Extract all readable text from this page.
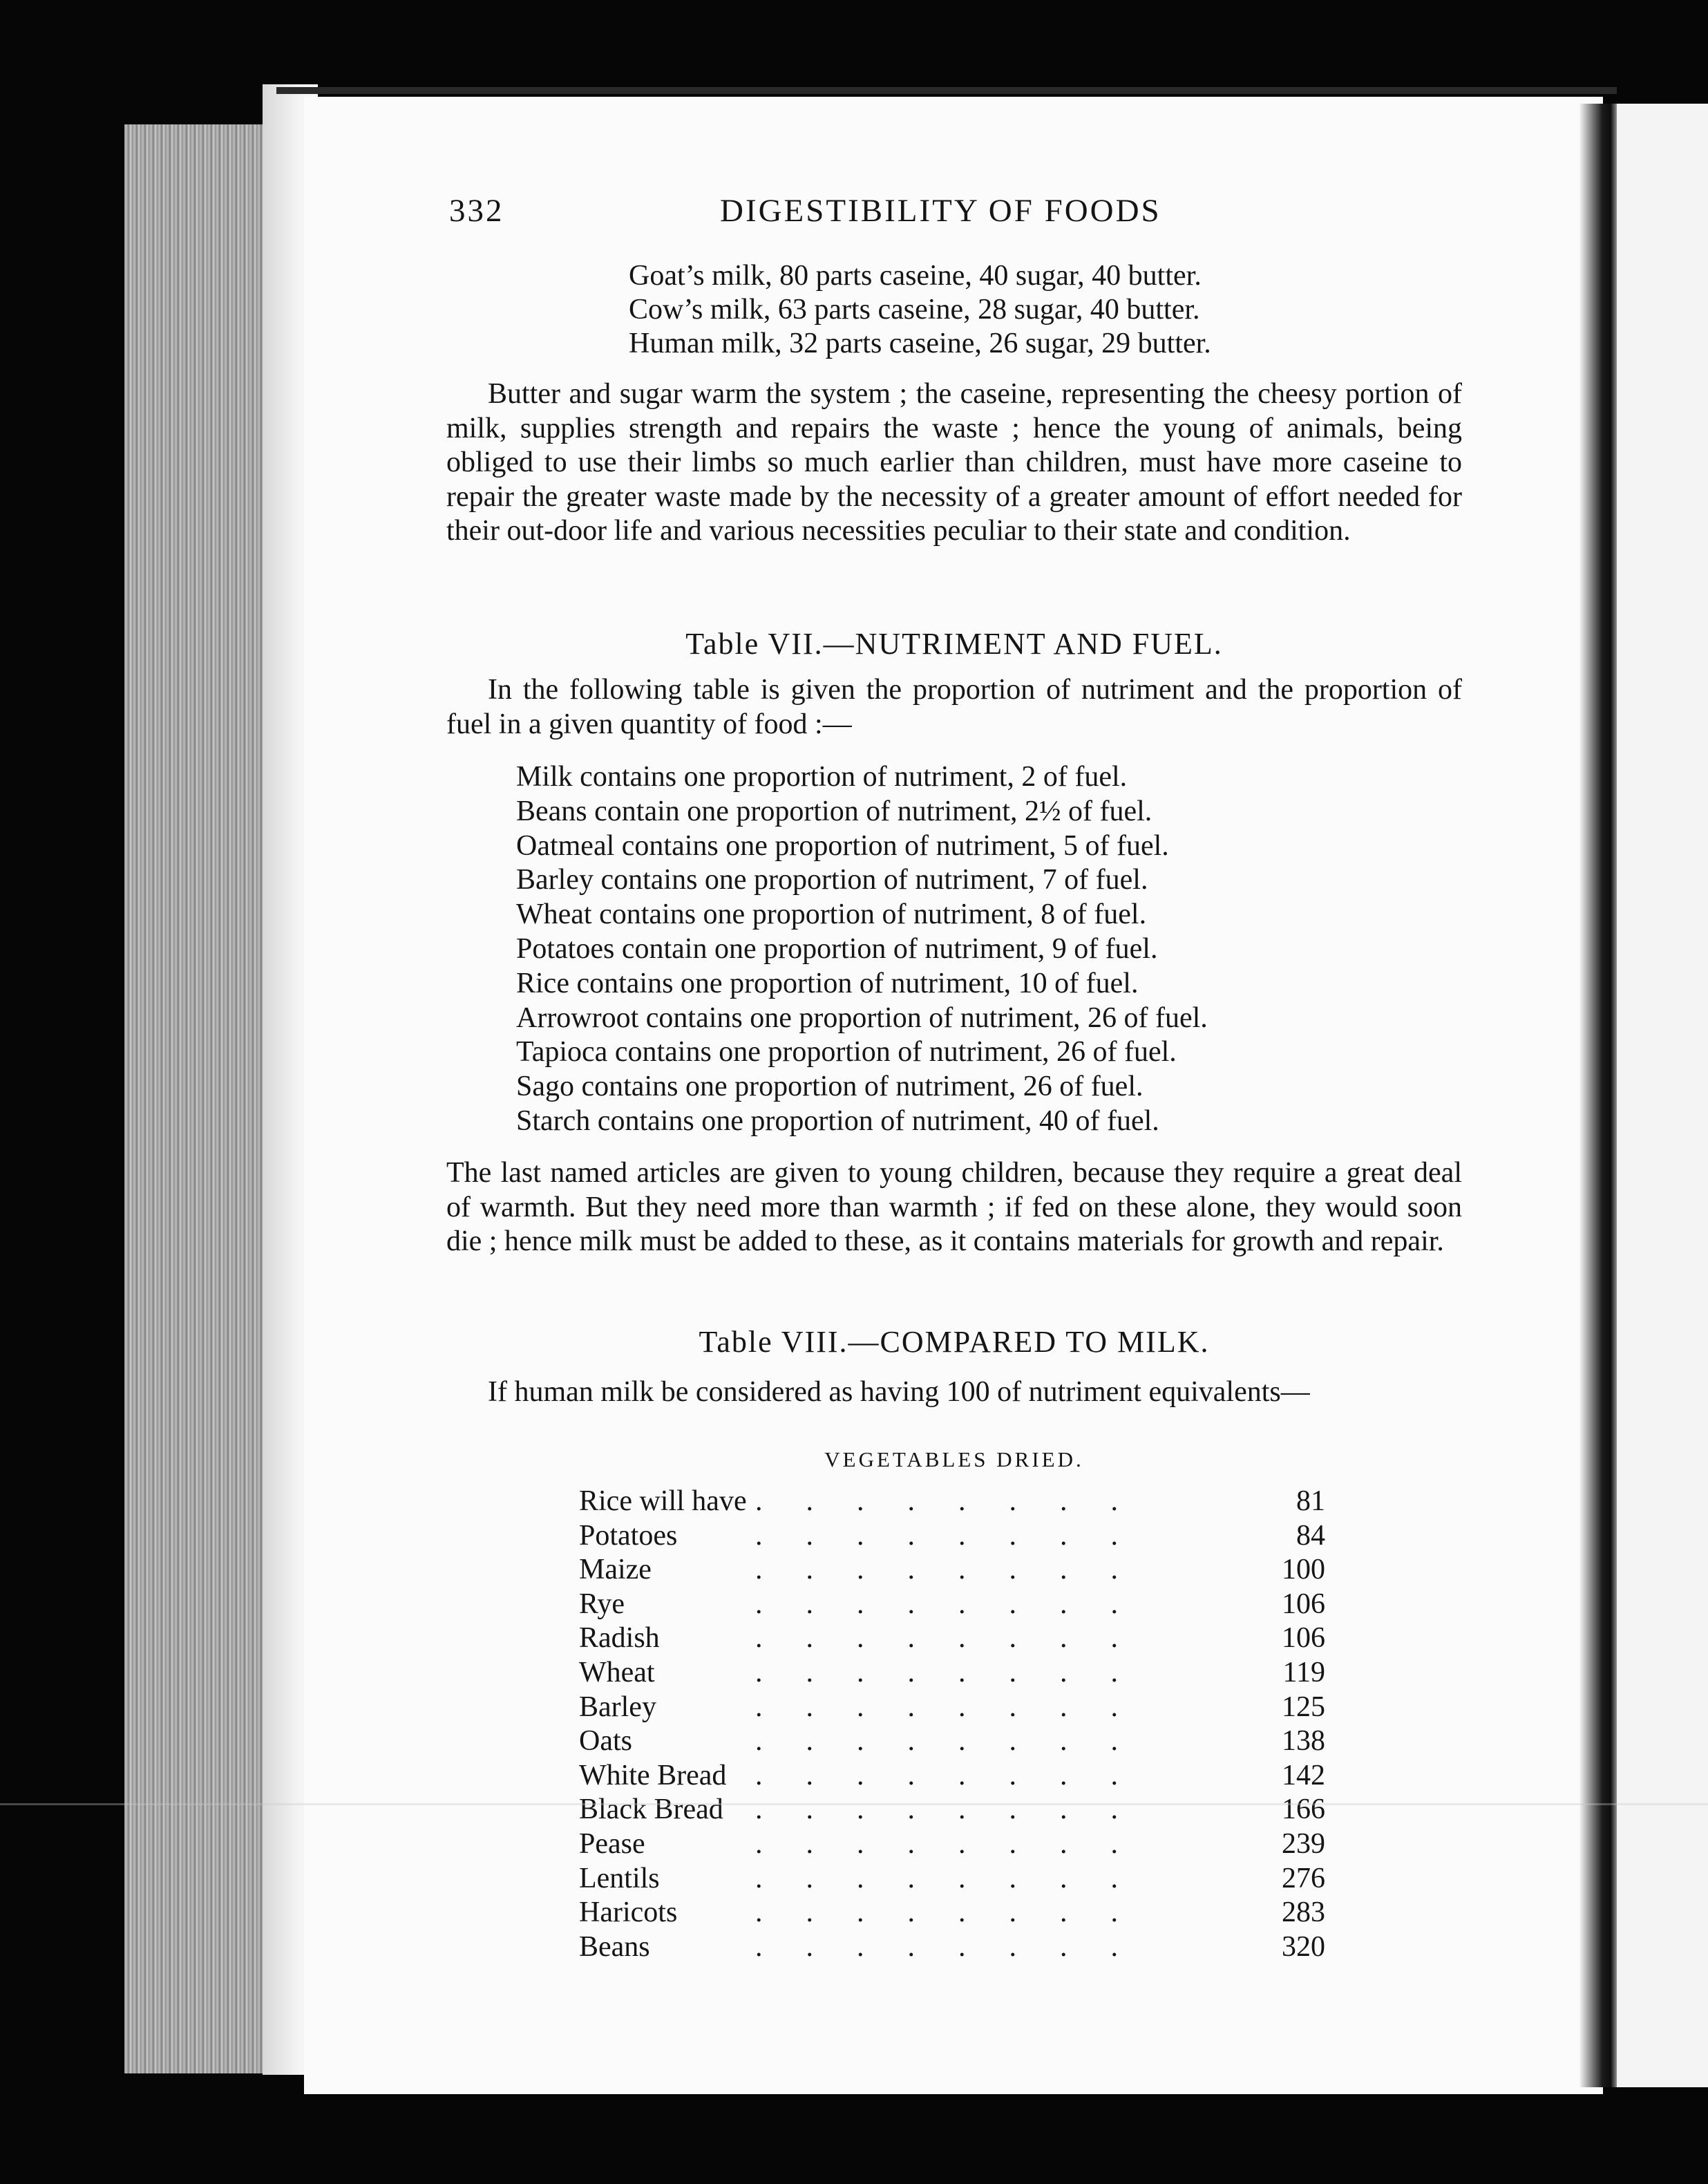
332	DIGESTIBILITY OF FOODS
Goat’s milk, 80 parts caseine, 40 sugar, 40 butter.
Cow’s milk, 63 parts caseine, 28 sugar, 40 butter.
Human milk, 32 parts caseine, 26 sugar, 29 butter.

Butter and sugar warm the system ; the caseine, representing the cheesy portion of milk, supplies strength and repairs the waste ; hence the young of animals, being obliged to use their limbs so much earlier than children, must have more caseine to repair the greater waste made by the necessity of a greater amount of effort needed for their out-door life and various necessities peculiar to their state and condition.

Table VII.—NUTRIMENT AND FUEL.

In the following table is given the proportion of nutriment and the proportion of fuel in a given quantity of food :—

Milk contains one proportion of nutriment, 2 of fuel.
Beans contain one proportion of nutriment, 2½ of fuel.
Oatmeal contains one proportion of nutriment, 5 of fuel.
Barley contains one proportion of nutriment, 7 of fuel.
Wheat contains one proportion of nutriment, 8 of fuel.
Potatoes contain one proportion of nutriment, 9 of fuel.
Rice contains one proportion of nutriment, 10 of fuel.
Arrowroot contains one proportion of nutriment, 26 of fuel.
Tapioca contains one proportion of nutriment, 26 of fuel.
Sago contains one proportion of nutriment, 26 of fuel.
Starch contains one proportion of nutriment, 40 of fuel.

The last named articles are given to young children, because they require a great deal of warmth. But they need more than warmth ; if fed on these alone, they would soon die ; hence milk must be added to these, as it contains materials for growth and repair.

Table VIII.—COMPARED TO MILK.

If human milk be considered as having 100 of nutriment equivalents—

VEGETABLES DRIED.
Rice will have .      .      .      .      .      .      .      .	81
Potatoes	.      .      .      .      .      .      .      .	84
Maize	.      .      .      .      .      .      .      .	100
Rye	.      .      .      .      .      .      .      .	106
Radish	.      .      .      .      .      .      .      .	106
Wheat	.      .      .      .      .      .      .      .	119
Barley	.      .      .      .      .      .      .      .	125
Oats	.      .      .      .      .      .      .      .	138
White Bread .      .      .      .      .      .      .      .	142
Black Bread .      .      .      .      .      .      .      .	166
Pease	.      .      .      .      .      .      .      .	239
Lentils	.      .      .      .      .      .      .      .	276
Haricots	.      .      .      .      .      .      .      .	283
Beans	.      .      .      .      .      .      .      .	320
